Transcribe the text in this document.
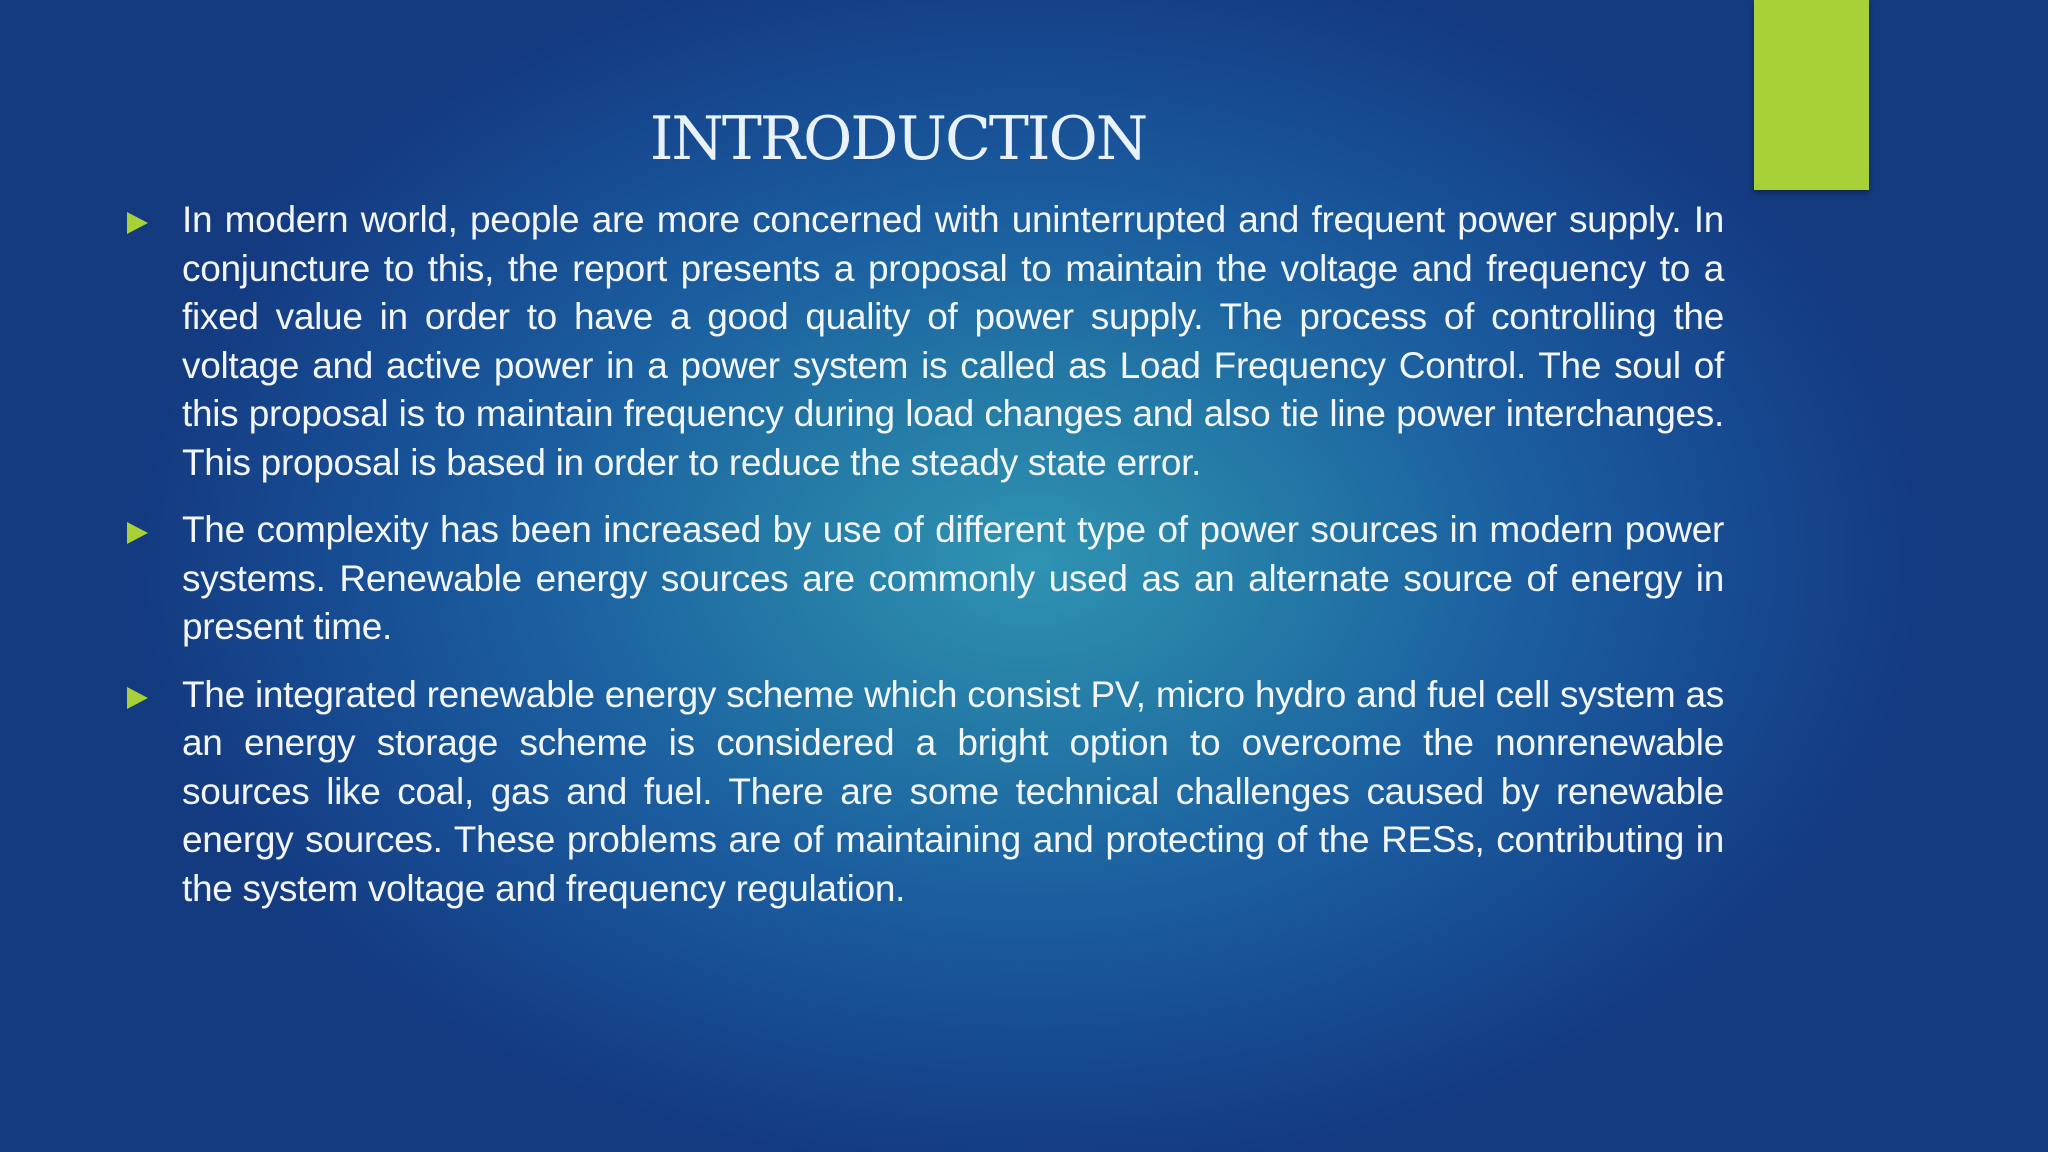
INTRODUCTION
In modern world, people are more concerned with uninterrupted and frequent power supply. In conjuncture to this, the report presents a proposal to maintain the voltage and frequency to a fixed value in order to have a good quality of power supply. The process of controlling the voltage and active power in a power system is called as Load Frequency Control. The soul of this proposal is to maintain frequency during load changes and also tie line power interchanges. This proposal is based in order to reduce the steady state error.
The complexity has been increased by use of different type of power sources in modern power systems. Renewable energy sources are commonly used as an alternate source of energy in present time.
The integrated renewable energy scheme which consist PV, micro hydro and fuel cell system as an energy storage scheme is considered a bright option to overcome the nonrenewable sources like coal, gas and fuel. There are some technical challenges caused by renewable energy sources. These problems are of maintaining and protecting of the RESs, contributing in the system voltage and frequency regulation.
